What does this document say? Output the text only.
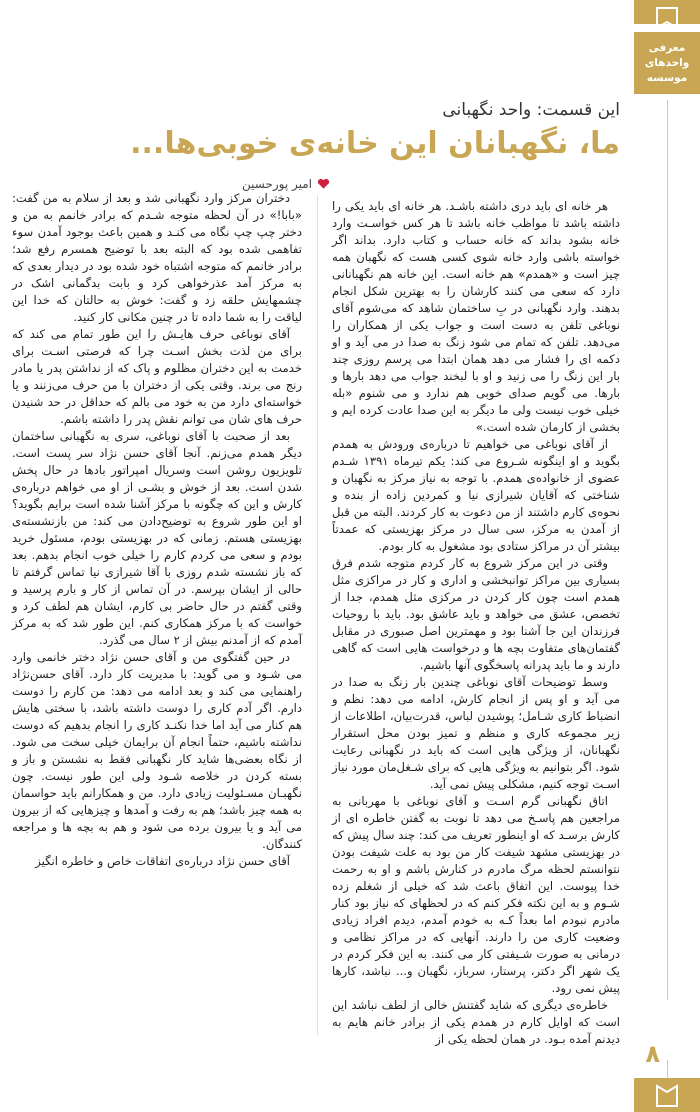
معرفی واحدهای موسسه
این قسمت: واحد نگهبانی
ما، نگهبانان این خانه‌ی خوبی‌ها...
امیر پورحسین

هر خانه ای باید دری داشته باشـد. هر خانه ای باید یکی را داشته باشد تا مواظب خانه باشد تا هر کس خواسـت وارد خانه بشود بداند که خانه حساب و کتاب دارد. بداند اگر خواسته باشی وارد خانه شوی کسی هست که نگهبان همه چیز است و «همدم» هم خانه است. این خانه هم نگهبانانی دارد که سعی می کنند کارشان را به بهترین شکل انجام بدهند. وارد نگهبانی در بِ ساختمان شاهد که می‌شوم آقای نوباغی تلفن به دست است و جواب یکی از همکاران را می‌دهد. تلفن که تمام می شود زنگ به صدا در می آید و او دکمه ای را فشار می دهد همان ابتدا می پرسم روزی چند بار این زنگ را می زنید و او با لبخند جواب می دهد بارها و بارها. می گویم صدای خوبی هم ندارد و می شنوم «بله خیلی خوب نیست ولی ما دیگر به این صدا عادت کرده ایم و بخشی از کارمان شده است.»

از آقای نوباغی می خواهیم تا درباره‌ی ورودش به همدم بگوید و او اینگونه شـروع می کند: یکم تیرماه ۱۳۹۱ شـدم عضوی از خانواده‌ی همدم. با توجه به نیاز مرکز به نگهبان و شناختی که آقایان شیرازی نیا و کمردین زاده از بنده و نحوه‌ی کارم داشتند از من دعوت به کار کردند. البته من قبل از آمدن به مرکز، سی سال در مرکز بهزیستی که عمدتاً بیشتر آن در مراکز ستادی بود مشغول به کار بودم.

وقتی در این مرکز شروع به کار کردم متوجه شدم فرق بسیاری بین مراکز توانبخشی و اداری و کار در مراکزی مثل همدم است چون کار کردن در مرکزی مثل همدم، جدا از تخصص، عشق می خواهد و باید عاشق بود. باید با روحیات فرزندان این جا آشنا بود و مهمترین اصل صبوری در مقابل گفتمان‌های متفاوت بچه ها و درخواست هایی است که گاهی دارند و ما باید پدرانه پاسخگوی آنها باشیم.

وسط توضیحات آقای نوباغی چندین بار زنگ به صدا در می آید و او پس از انجام کارش، ادامه می دهد: نظم و انضباط کاری شـامل؛ پوشیدن لباس، قدرت‌بیان، اطلاعات از زیر مجموعه کاری و منظم و تمیز بودن محل استقرار نگهبانان، از ویژگی هایی است که باید در نگهبانی رعایت شود. اگر بتوانیم به ویژگی هایی که برای شـغل‌مان مورد نیاز اسـت توجه کنیم، مشکلی پیش نمی آید.

اتاق نگهبانی گرم اسـت و آقای نوباغی با مهربانی به مراجعین هم پاسـخ می دهد تا نوبت به گفتن خاطره ای از کارش برسـد که او اینطور تعریف می کند: چند سال پیش که در بهزیستی مشهد شیفت کار من بود به علت شیفت بودن نتوانستم لحظه مرگ مادرم در کنارش باشم و او به رحمت خدا پیوست. این اتفاق باعث شد که خیلی از شغلم زده شـوم و به این نکته فکر کنم که در لحظهای که نیاز بود کنار مادرم نبودم اما بعداً کـه به خودم آمدم، دیدم افراد زیادی وضعیت کاری من را دارند. آنهایی که در مراکز نظامی و درمانی به صورت شـیفتی کار می کنند. به این فکر کردم در یک شهر اگر دکتر، پرستار، سرباز، نگهبان و... نباشد، کارها پیش نمی رود.

خاطره‌ی دیگری که شاید گفتنش خالی از لطف نباشد این است که اوایل کارم در همدم یکی از برادر خانم هایم به دیدنم آمده بـود. در همان لحظه یکی از

دختران مرکز وارد نگهبانی شد و بعد از سلام به من گفت: «بابا!» در آن لحظه متوجه شـدم که برادر خانمم به من و دختر چپ چپ نگاه می کنـد و همین باعث بوجود آمدن سوء تفاهمی شده بود که البته بعد با توضیح همسرم رفع شد؛ برادر خانمم که متوجه اشتباه خود شده بود در دیدار بعدی که به مرکز آمد عذرخواهی کرد و بابت بدگمانی اشک در چشمهایش حلقه زد و گفت: خوش به حالتان که خدا این لیاقت را به شما داده تا در چنین مکانی کار کنید.

آقای نوباغی حرف هایـش را این طور تمام می کند که برای من لذت بخش اسـت چرا که فرصتی اسـت برای خدمت به این دختران مظلوم و پاک که از نداشتن پدر یا مادر رنج می برند. وقتی یکی از دختران با من حرف می‌زنند و یا خواسته‌ای دارد من به خود می بالم که حداقل در حد شنیدن حرف های شان می توانم نقش پدر را داشته باشم.

بعد از صحبت با آقای نوباغی، سری به نگهبانی ساختمان دیگر همدم می‌زنم. آنجا آقای حسن نژاد سر پست است. تلویزیون روشن است وسریال امپراتور بادها در حال پخش شدن است. بعد از خوش و بشـی از او می خواهم درباره‌ی کارش و این که چگونه با مرکز آشنا شده است برایم بگوید؟ او این طور شروع به توضیح‌دادن می کند: من بازنشسته‌ی بهزیستی هستم. زمانی که در بهزیستی بودم، مسئول خرید بودم و سعی می کردم کارم را خیلی خوب انجام بدهم. بعد که باز نشسته شدم روزی با آقا شیرازی نیا تماس گرفتم تا حالی از ایشان بپرسم. در آن تماس از کار و بارم پرسید و وقتی گفتم در حال حاضر بی کارم، ایشان هم لطف کرد و خواست که با مرکز همکاری کنم. این طور شد که به مرکز آمدم که از آمدنم بیش از ۲ سال می گذرد.

در حین گفتگوی من و آقای حسن نژاد دختر خانمی وارد می شـود و می گوید: با مدیریت کار دارد. آقای حسن‌نژاد راهنمایی می کند و بعد ادامه می دهد: من کارم را دوست دارم. اگر آدم کاری را دوست داشته باشد، با سختی هایش هم کنار می آید اما خدا نکنـد کاری را انجام بدهیم که دوست نداشته باشیم، حتماً انجام آن برایمان خیلی سخت می شود. از نگاه بعضی‌ها شاید کار نگهبانی فقط به نشستن و باز و بسته کردن در خلاصه شـود ولی این طور نیست. چون نگهبـان مسـئولیت زیادی دارد. من و همکارانم باید حواسمان به همه چیز باشد؛ هم به رفت و آمدها و چیزهایی که از بیرون می آید و یا بیرون برده می شود و هم به بچه ها و مراجعه کنندگان.

آقای حسن نژاد درباره‌ی اتفاقات خاص و خاطره انگیز

۸
